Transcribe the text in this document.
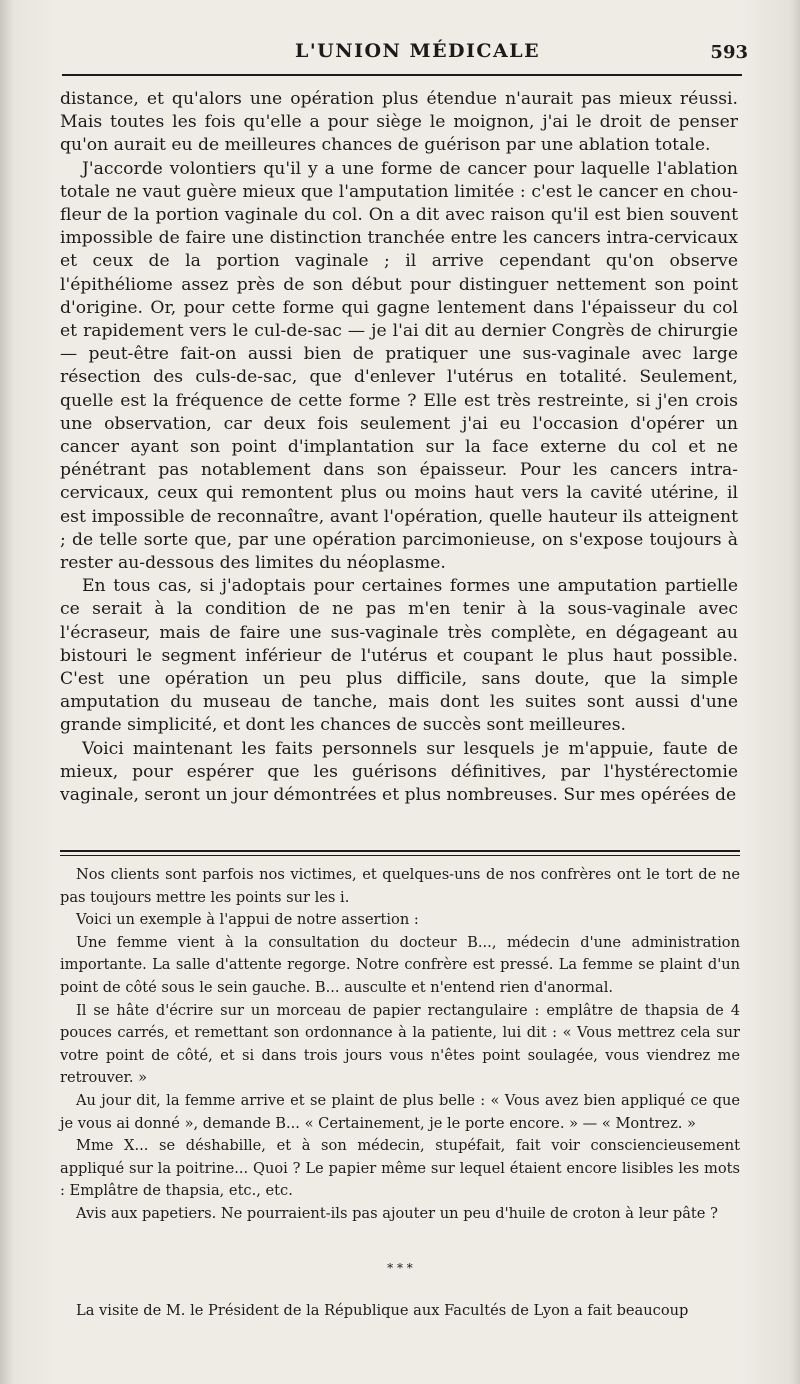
L'UNION MÉDICALE	593

distance, et qu'alors une opération plus étendue n'aurait pas mieux réussi. Mais toutes les fois qu'elle a pour siège le moignon, j'ai le droit de penser qu'on aurait eu de meilleures chances de guérison par une ablation totale.

J'accorde volontiers qu'il y a une forme de cancer pour laquelle l'ablation totale ne vaut guère mieux que l'amputation limitée : c'est le cancer en chou-fleur de la portion vaginale du col. On a dit avec raison qu'il est bien souvent impossible de faire une distinction tranchée entre les cancers intra-cervicaux et ceux de la portion vaginale ; il arrive cependant qu'on observe l'épithéliome assez près de son début pour distinguer nettement son point d'origine. Or, pour cette forme qui gagne lentement dans l'épaisseur du col et rapidement vers le cul-de-sac — je l'ai dit au dernier Congrès de chirurgie — peut-être fait-on aussi bien de pratiquer une sus-vaginale avec large résection des culs-de-sac, que d'enlever l'utérus en totalité. Seulement, quelle est la fréquence de cette forme ? Elle est très restreinte, si j'en crois une observation, car deux fois seulement j'ai eu l'occasion d'opérer un cancer ayant son point d'implantation sur la face externe du col et ne pénétrant pas notablement dans son épaisseur. Pour les cancers intra-cervicaux, ceux qui remontent plus ou moins haut vers la cavité utérine, il est impossible de reconnaître, avant l'opération, quelle hauteur ils atteignent ; de telle sorte que, par une opération parcimonieuse, on s'expose toujours à rester au-dessous des limites du néoplasme.

En tous cas, si j'adoptais pour certaines formes une amputation partielle ce serait à la condition de ne pas m'en tenir à la sous-vaginale avec l'écraseur, mais de faire une sus-vaginale très complète, en dégageant au bistouri le segment inférieur de l'utérus et coupant le plus haut possible. C'est une opération un peu plus difficile, sans doute, que la simple amputation du museau de tanche, mais dont les suites sont aussi d'une grande simplicité, et dont les chances de succès sont meilleures.

Voici maintenant les faits personnels sur lesquels je m'appuie, faute de mieux, pour espérer que les guérisons définitives, par l'hystérectomie vaginale, seront un jour démontrées et plus nombreuses. Sur mes opérées de

Nos clients sont parfois nos victimes, et quelques-uns de nos confrères ont le tort de ne pas toujours mettre les points sur les i.

Voici un exemple à l'appui de notre assertion :

Une femme vient à la consultation du docteur B..., médecin d'une administration importante. La salle d'attente regorge. Notre confrère est pressé. La femme se plaint d'un point de côté sous le sein gauche. B... ausculte et n'entend rien d'anormal.

Il se hâte d'écrire sur un morceau de papier rectangulaire : emplâtre de thapsia de 4 pouces carrés, et remettant son ordonnance à la patiente, lui dit : « Vous mettrez cela sur votre point de côté, et si dans trois jours vous n'êtes point soulagée, vous viendrez me retrouver. »

Au jour dit, la femme arrive et se plaint de plus belle : « Vous avez bien appliqué ce que je vous ai donné », demande B... « Certainement, je le porte encore. » — « Montrez. »

Mme X... se déshabille, et à son médecin, stupéfait, fait voir consciencieusement appliqué sur la poitrine... Quoi ? Le papier même sur lequel étaient encore lisibles les mots : Emplâtre de thapsia, etc., etc.

Avis aux papetiers. Ne pourraient-ils pas ajouter un peu d'huile de croton à leur pâte ?

* * *
La visite de M. le Président de la République aux Facultés de Lyon a fait beaucoup
